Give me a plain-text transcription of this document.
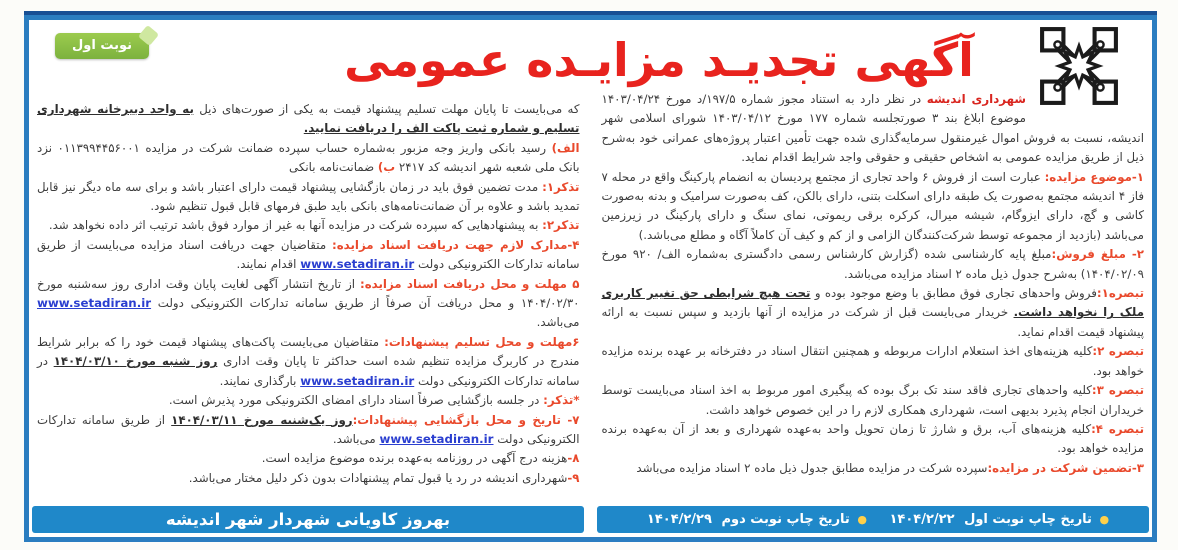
نوبت اول	آگهی تجدیـد مزایـده عمومی

شهرداری اندیشه در نظر دارد به استناد مجوز شماره ۱۹۷/۵/د مورخ ۱۴۰۳/۰۴/۲۴ موضوع ابلاغ بند ۳ صورتجلسه شماره ۱۷۷ مورخ ۱۴۰۳/۰۴/۱۲ شورای اسلامی شهر اندیشه، نسبت به فروش اموال غیرمنقول سرمایه‌گذاری شده جهت تأمین اعتبار پروژه‌های عمرانی خود به‌شرح ذیل از طریق مزایده عمومی به اشخاص حقیقی و حقوقی واجد شرایط اقدام نماید.

۱-موضوع مزایده: عبارت است از فروش ۶ واحد تجاری از مجتمع پردیسان به انضمام پارکینگ واقع در محله ۷ فاز ۴ اندیشه مجتمع به‌صورت یک طبقه دارای اسکلت بتنی، دارای بالکن، کف به‌صورت سرامیک و بدنه به‌صورت کاشی و گچ، دارای ایزوگام، شیشه میرال، کرکره برقی ریموتی، نمای سنگ و دارای پارکینگ در زیرزمین می‌باشد (بازدید از مجموعه توسط شرکت‌کنندگان الزامی و از کم و کیف آن کاملاً آگاه و مطلع می‌باشد.)

۲- مبلغ فروش:مبلغ پایه کارشناسی شده (گزارش کارشناس رسمی دادگستری به‌شماره الف/ ۹۲۰ مورخ ۱۴۰۴/۰۲/۰۹) به‌شرح جدول ذیل ماده ۲ اسناد مزایده می‌باشد.

تبصره۱:فروش واحدهای تجاری فوق مطابق با وضع موجود بوده و تحت هیچ شرایطی حق تغییر کاربری ملک را نخواهد داشت. خریدار می‌بایست قبل از شرکت در مزایده از آنها بازدید و سپس نسبت به ارائه پیشنهاد قیمت اقدام نماید.

تبصره ۲:کلیه هزینه‌های اخذ استعلام ادارات مربوطه و همچنین انتقال اسناد در دفترخانه بر عهده برنده مزایده خواهد بود.

تبصره ۳:کلیه واحدهای تجاری فاقد سند تک برگ بوده که پیگیری امور مربوط به اخذ اسناد می‌بایست توسط خریداران انجام پذیرد بدیهی است، شهرداری همکاری لازم را در این خصوص خواهد داشت.

تبصره ۴:کلیه هزینه‌های آب، برق و شارژ تا زمان تحویل واحد به‌عهده شهرداری و بعد از آن به‌عهده برنده مزایده خواهد بود.

۳-تضمین شرکت در مزایده:سپرده شرکت در مزایده مطابق جدول ذیل ماده ۲ اسناد مزایده می‌باشد

که می‌بایست تا پایان مهلت تسلیم پیشنهاد قیمت به یکی از صورت‌های ذیل به واحد دبیرخانه شهرداری تسلیم و شماره ثبت پاکت الف را دریافت نمایید.

الف) رسید بانکی واریز وجه مزبور به‌شماره حساب سپرده ضمانت شرکت در مزایده ۰۱۱۳۹۹۴۴۵۶۰۰۱ نزد بانک ملی شعبه شهر اندیشه کد ۲۴۱۷ ب) ضمانت‌نامه بانکی

تذکر۱: مدت تضمین فوق باید در زمان بازگشایی پیشنهاد قیمت دارای اعتبار باشد و برای سه ماه دیگر نیز قابل تمدید باشد و علاوه بر آن ضمانت‌نامه‌های بانکی باید طبق فرمهای قابل قبول تنظیم شود.

تذکر۲: به پیشنهادهایی که سپرده شرکت در مزایده آنها به غیر از موارد فوق باشد ترتیب اثر داده نخواهد شد.

۴-مدارک لازم جهت دریافت اسناد مزایده: متقاضیان جهت دریافت اسناد مزایده می‌بایست از طریق سامانه تدارکات الکترونیکی دولت www.setadiran.ir اقدام نمایند.

۵ مهلت و محل دریافت اسناد مزایده: از تاریخ انتشار آگهی لغایت پایان وقت اداری روز سه‌شنبه مورخ ۱۴۰۴/۰۲/۳۰ و محل دریافت آن صرفاً از طریق سامانه تدارکات الکترونیکی دولت www.setadiran.ir می‌باشد.

۶مهلت و محل تسلیم پیشنهادات: متقاضیان می‌بایست پاکت‌های پیشنهاد قیمت خود را که برابر شرایط مندرج در کاربرگ مزایده تنظیم شده است حداکثر تا پایان وقت اداری روز شنبه مورخ ۱۴۰۴/۰۳/۱۰ در سامانه تدارکات الکترونیکی دولت www.setadiran.ir بارگذاری نمایند.

*تذکر: در جلسه بازگشایی صرفاً اسناد دارای امضای الکترونیکی مورد پذیرش است.

۷- تاریخ و محل بازگشایی پیشنهادات:روز یک‌شنبه مورخ ۱۴۰۴/۰۳/۱۱ از طریق سامانه تدارکات الکترونیکی دولت www.setadiran.ir می‌باشد.

۸-هزینه درج آگهی در روزنامه به‌عهده برنده موضوع مزایده است.

۹-شهرداری اندیشه در رد یا قبول تمام پیشنهادات بدون ذکر دلیل مختار می‌باشد.

بهروز کاویانی شهردار شهر اندیشه	● تاریخ چاپ نوبت اول ۱۴۰۴/۲/۲۲ ● تاریخ چاپ نوبت دوم ۱۴۰۴/۲/۲۹
